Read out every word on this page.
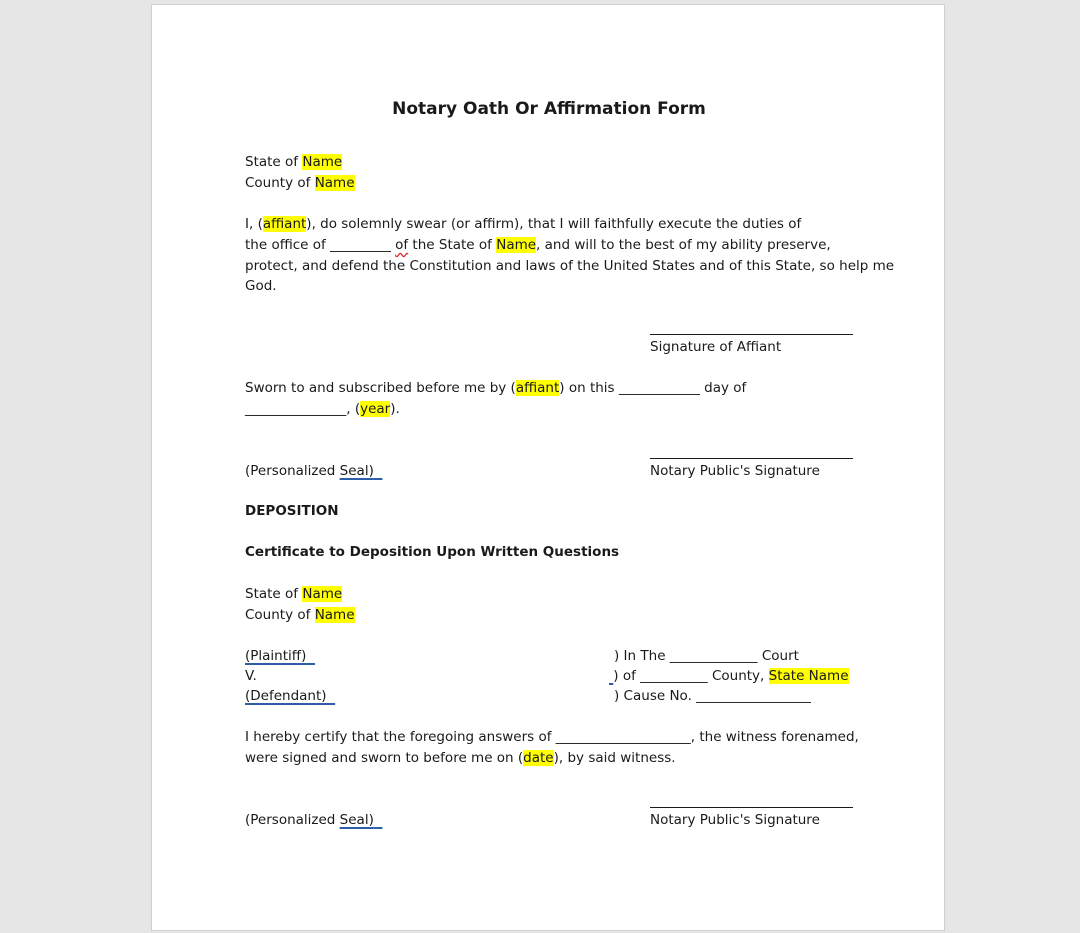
Notary Oath Or Affirmation Form
State of Name
County of Name
I, (affiant), do solemnly swear (or affirm), that I will faithfully execute the duties of
the office of _________ of the State of Name, and will to the best of my ability preserve,
protect, and defend the Constitution and laws of the United States and of this State, so help me
God.
Signature of Affiant
Sworn to and subscribed before me by (affiant) on this ____________ day of
_______________, (year).
(Personalized Seal)	Notary Public's Signature
DEPOSITION
Certificate to Deposition Upon Written Questions
State of Name
County of Name
(Plaintiff)
V.
(Defendant)
) In The _____________ Court
) of __________ County, State Name
) Cause No. _________________
I hereby certify that the foregoing answers of ____________________, the witness forenamed,
were signed and sworn to before me on (date), by said witness.
(Personalized Seal)	Notary Public's Signature
